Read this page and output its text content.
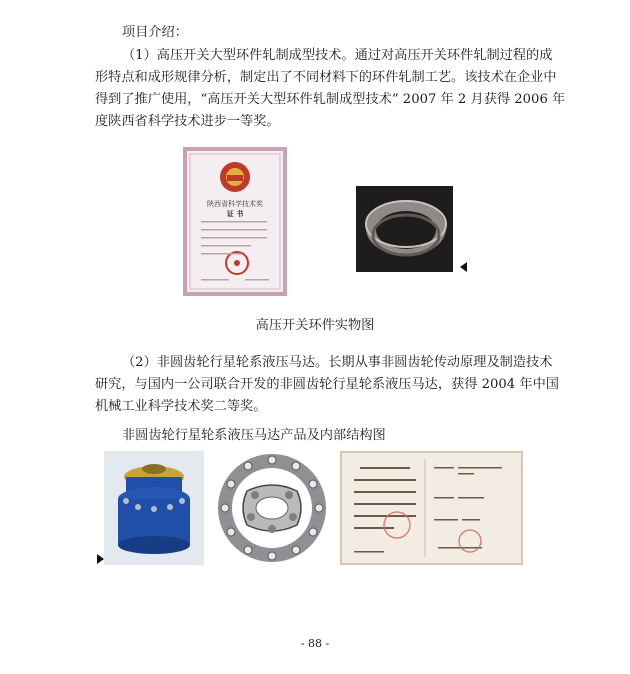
项目介绍：
（1）高压开关大型环件轧制成型技术。通过对高压开关环件轧制过程的成
形特点和成形规律分析，制定出了不同材料下的环件轧制工艺。该技术在企业中
得到了推广使用，“高压开关大型环件轧制成型技术” 2007 年 2 月获得 2006 年
度陕西省科学技术进步一等奖。
陕西省科学技术奖
证 书
高压开关环件实物图
（2）非圆齿轮行星轮系液压马达。长期从事非圆齿轮传动原理及制造技术
研究，与国内一公司联合开发的非圆齿轮行星轮系液压马达，获得 2004 年中国
机械工业科学技术奖二等奖。
非圆齿轮行星轮系液压马达产品及内部结构图
- 88 -
